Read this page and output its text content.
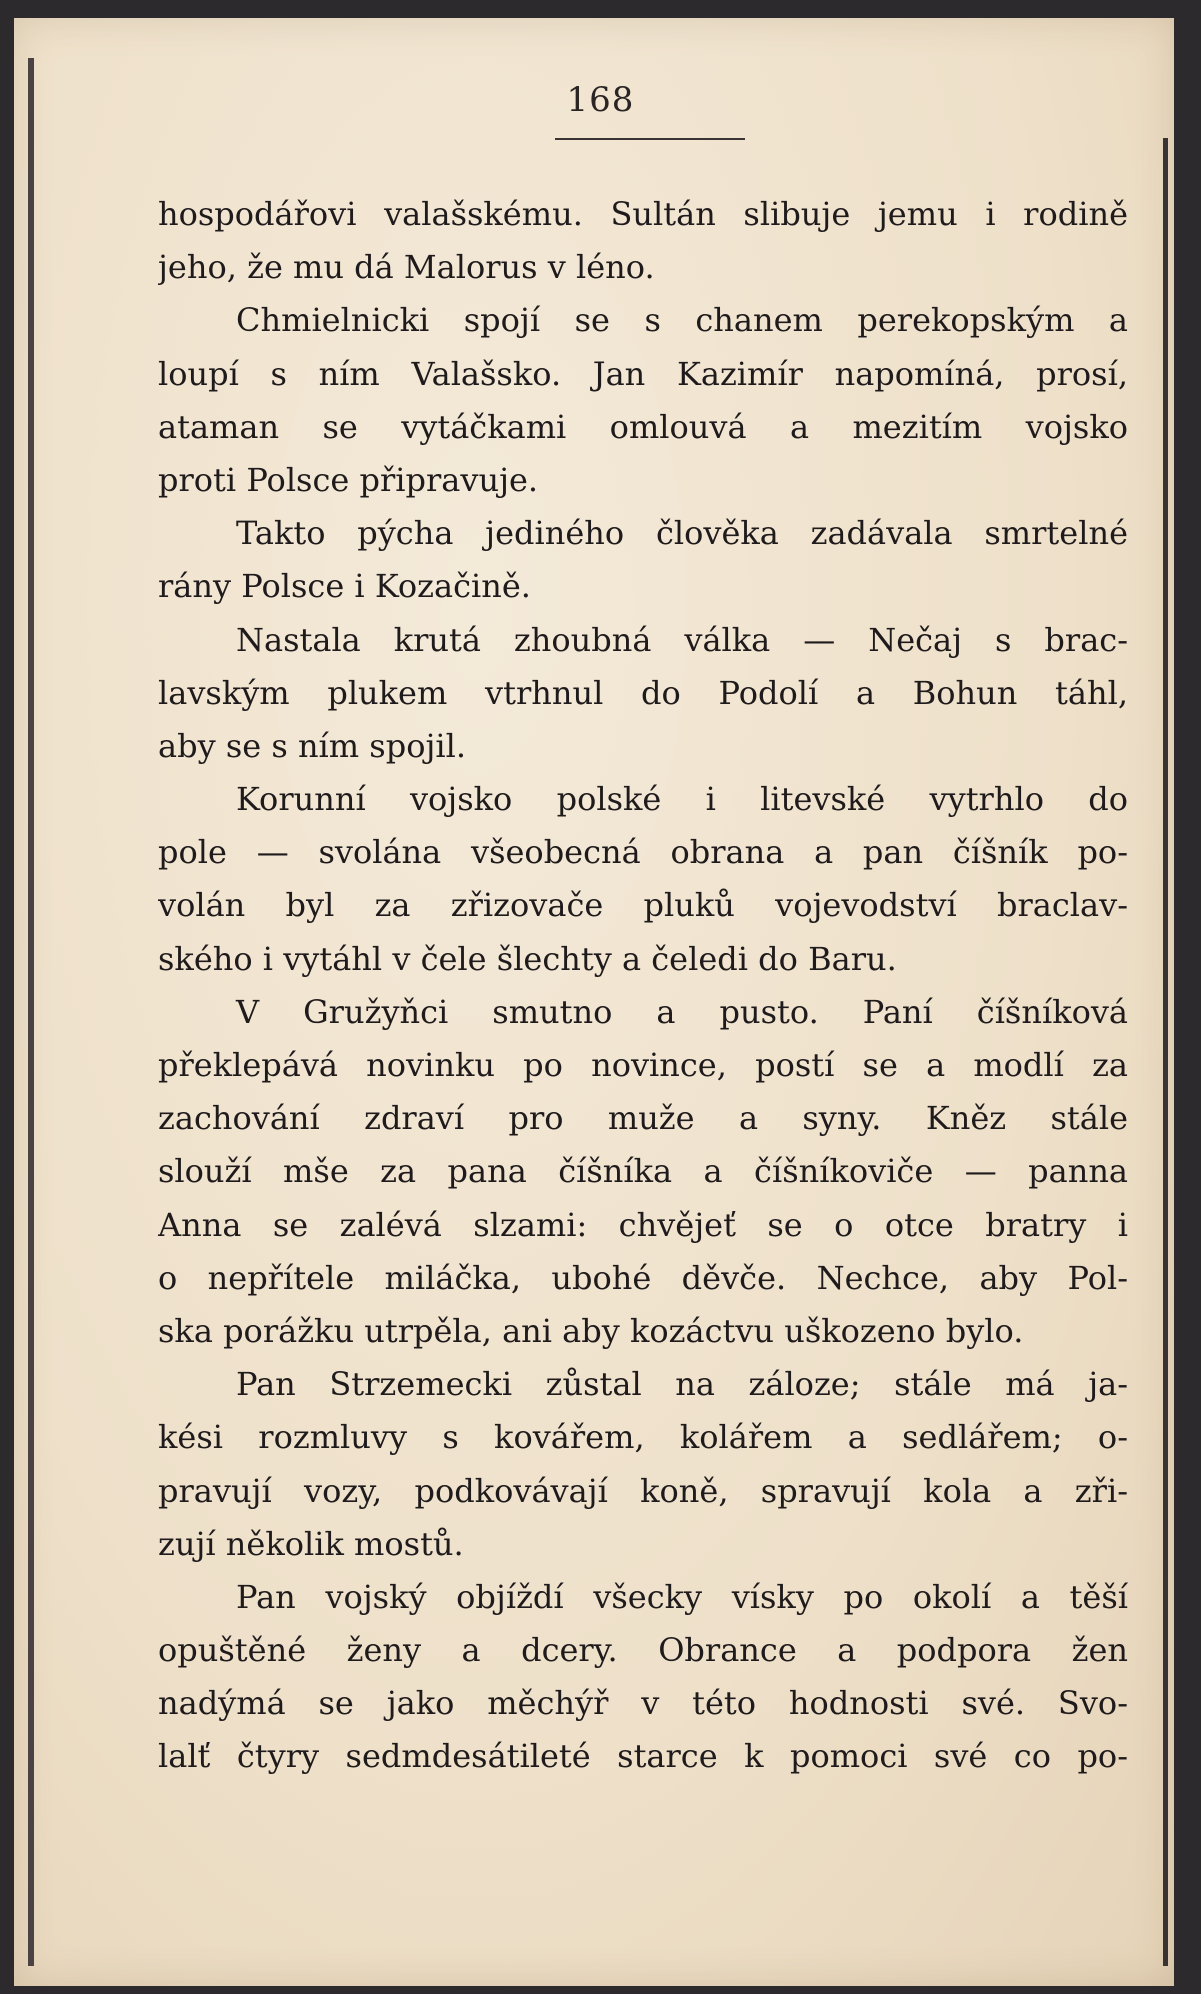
168
hospodářovi valašskému. Sultán slibuje jemu i rodině
jeho, že mu dá Malorus v léno.
Chmielnicki spojí se s chanem perekopským a
loupí s ním Valašsko. Jan Kazimír napomíná, prosí,
ataman se vytáčkami omlouvá a mezitím vojsko
proti Polsce připravuje.
Takto pýcha jediného člověka zadávala smrtelné
rány Polsce i Kozačině.
Nastala krutá zhoubná válka — Nečaj s brac-
lavským plukem vtrhnul do Podolí a Bohun táhl,
aby se s ním spojil.
Korunní vojsko polské i litevské vytrhlo do
pole — svolána všeobecná obrana a pan číšník po-
volán byl za zřizovače pluků vojevodství braclav-
ského i vytáhl v čele šlechty a čeledi do Baru.
V Gružyňci smutno a pusto. Paní číšníková
překlepává novinku po novince, postí se a modlí za
zachování zdraví pro muže a syny. Kněz stále
slouží mše za pana číšníka a číšníkoviče — panna
Anna se zalévá slzami: chvějeť se o otce bratry i
o nepřítele miláčka, ubohé děvče. Nechce, aby Pol-
ska porážku utrpěla, ani aby kozáctvu uškozeno bylo.
Pan Strzemecki zůstal na záloze; stále má ja-
kési rozmluvy s kovářem, kolářem a sedlářem; o-
pravují vozy, podkovávají koně, spravují kola a zři-
zují několik mostů.
Pan vojský objíždí všecky vísky po okolí a těší
opuštěné ženy a dcery. Obrance a podpora žen
nadýmá se jako měchýř v této hodnosti své. Svo-
lalť čtyry sedmdesátileté starce k pomoci své co po-
